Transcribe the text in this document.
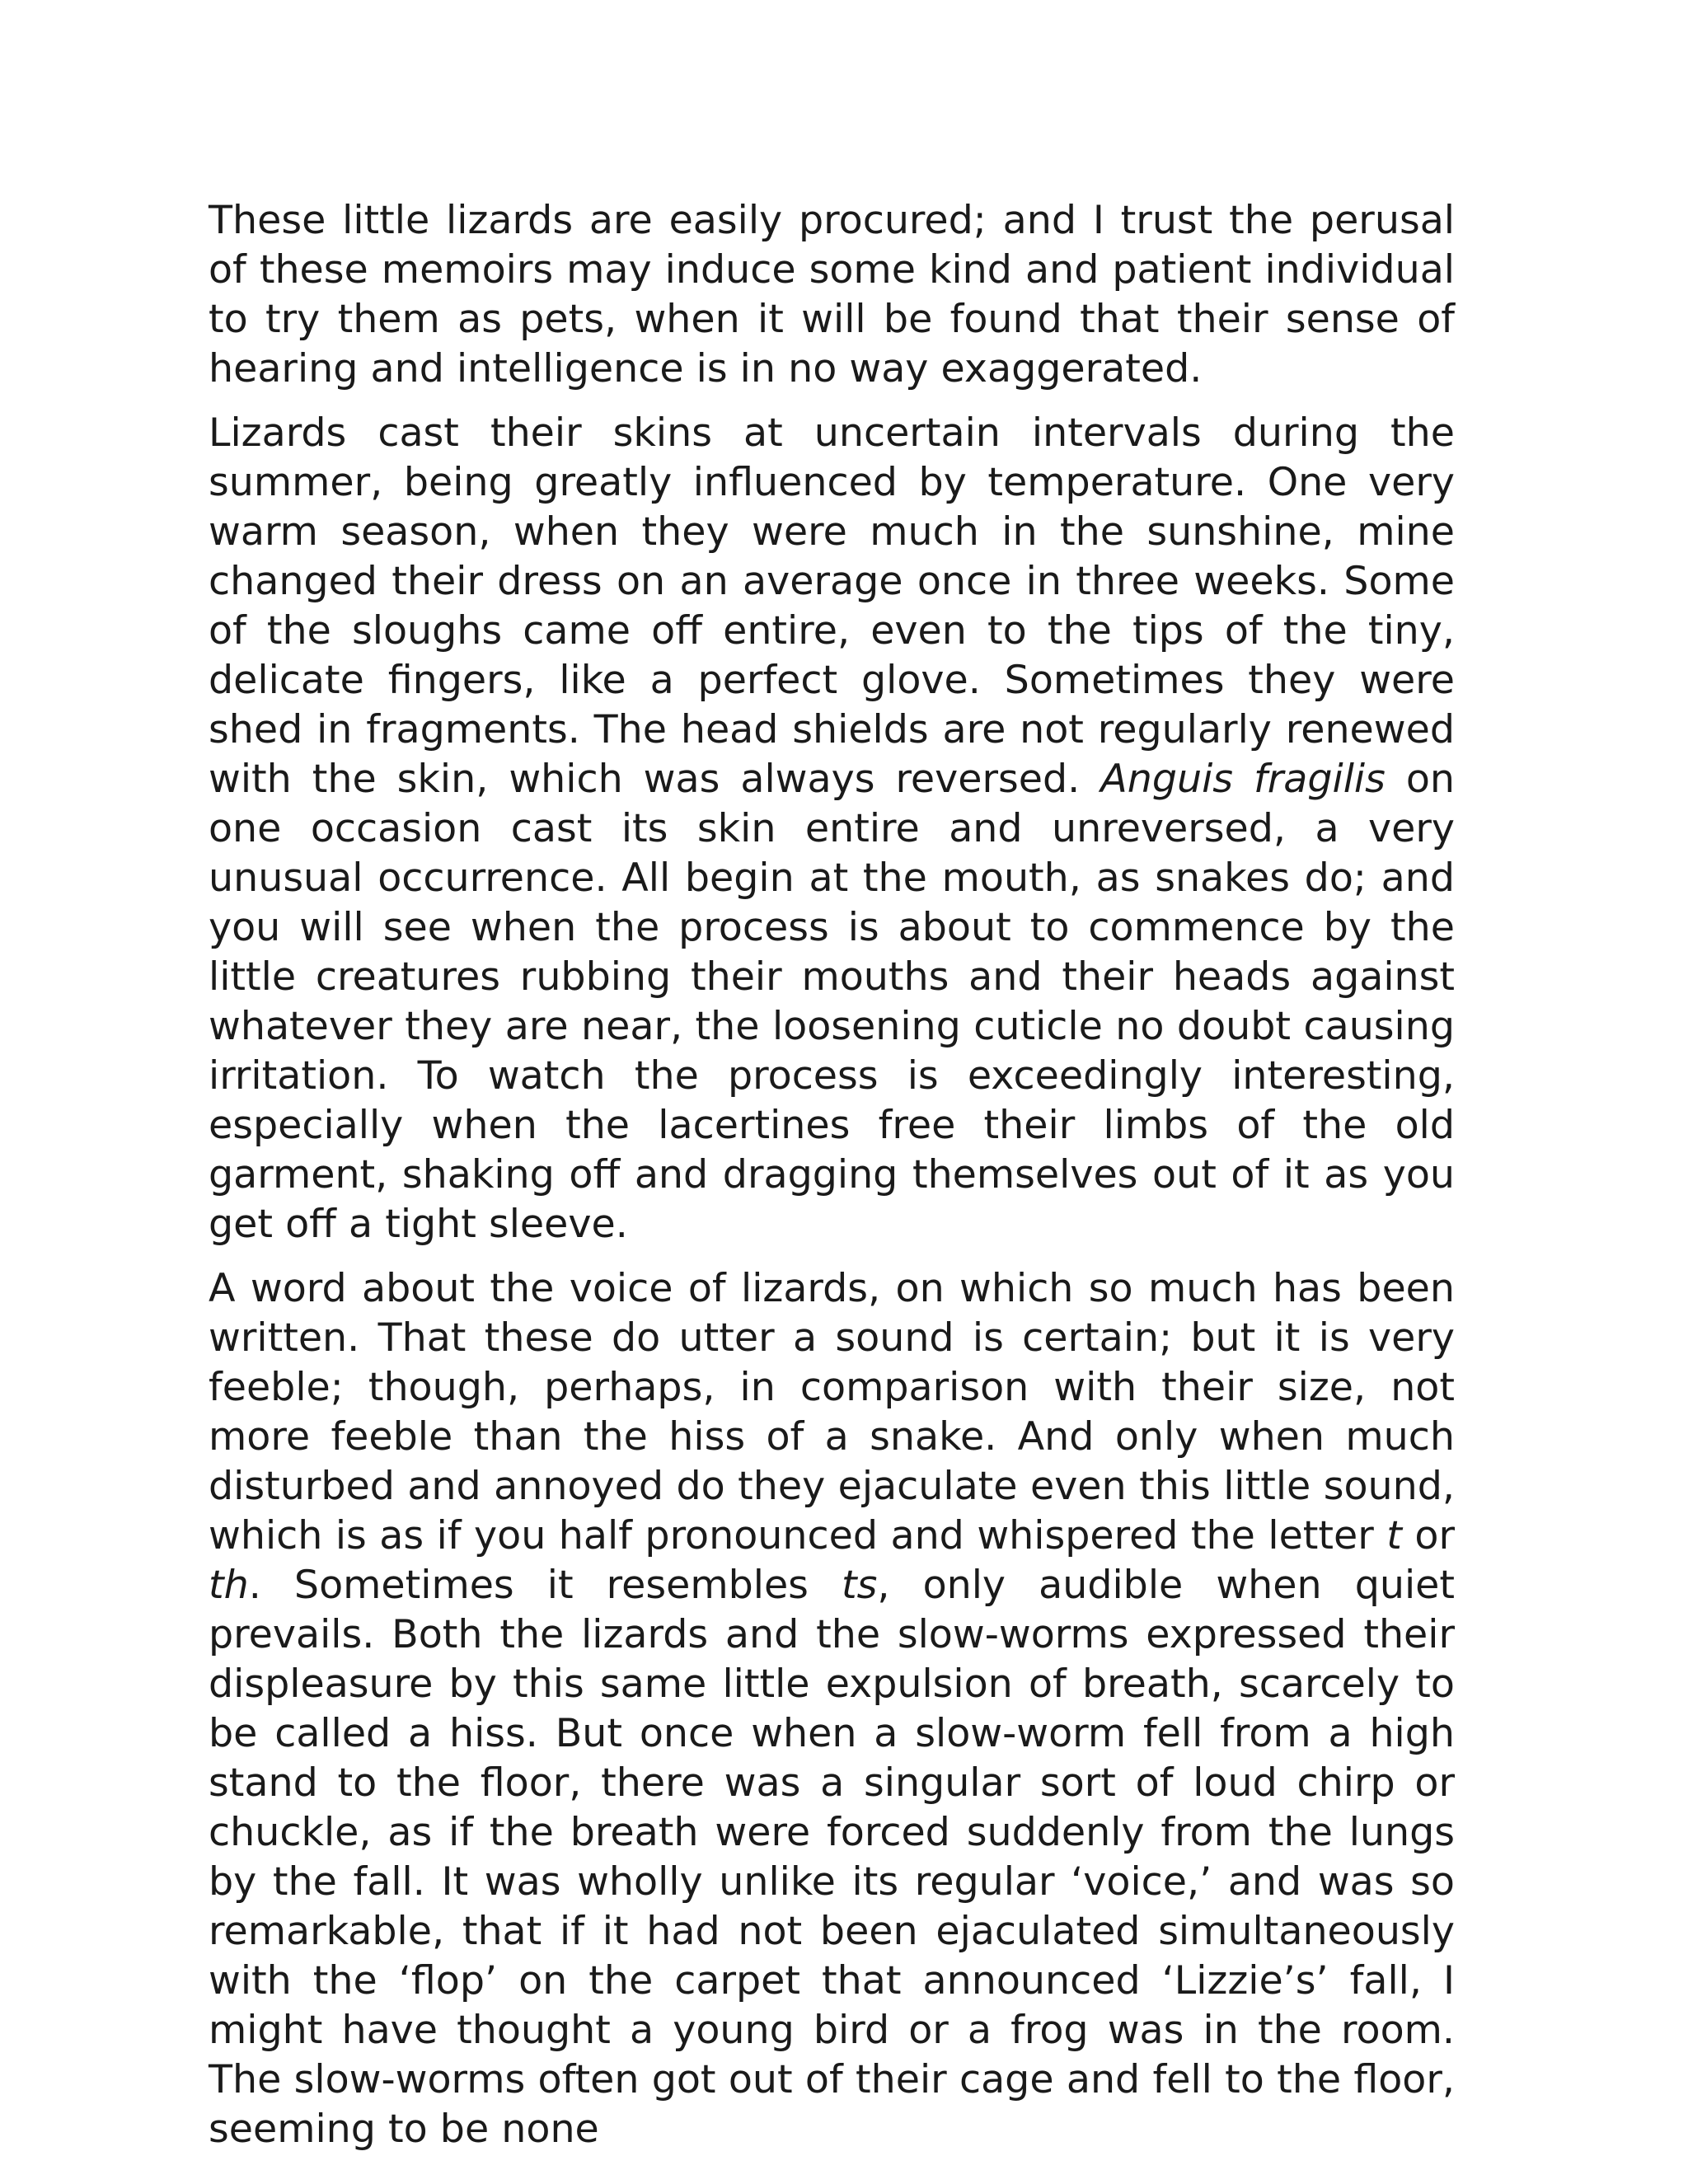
These little lizards are easily procured; and I trust the perusal of these memoirs may induce some kind and patient individual to try them as pets, when it will be found that their sense of hearing and intelligence is in no way exaggerated.

Lizards cast their skins at uncertain intervals during the summer, being greatly influenced by temperature. One very warm season, when they were much in the sunshine, mine changed their dress on an average once in three weeks. Some of the sloughs came off entire, even to the tips of the tiny, delicate fingers, like a perfect glove. Sometimes they were shed in fragments. The head shields are not regularly renewed with the skin, which was always reversed. Anguis fragilis on one occasion cast its skin entire and unreversed, a very unusual occurrence. All begin at the mouth, as snakes do; and you will see when the process is about to commence by the little creatures rubbing their mouths and their heads against whatever they are near, the loosening cuticle no doubt causing irritation. To watch the process is exceedingly interesting, especially when the lacertines free their limbs of the old garment, shaking off and dragging themselves out of it as you get off a tight sleeve.

A word about the voice of lizards, on which so much has been written. That these do utter a sound is certain; but it is very feeble; though, perhaps, in comparison with their size, not more feeble than the hiss of a snake. And only when much disturbed and annoyed do they ejaculate even this little sound, which is as if you half pronounced and whispered the letter t or th. Sometimes it resembles ts, only audible when quiet prevails. Both the lizards and the slow-worms expressed their displeasure by this same little expulsion of breath, scarcely to be called a hiss. But once when a slow-worm fell from a high stand to the floor, there was a singular sort of loud chirp or chuckle, as if the breath were forced suddenly from the lungs by the fall. It was wholly unlike its regular ‘voice,’ and was so remarkable, that if it had not been ejaculated simultaneously with the ‘flop’ on the carpet that announced ‘Lizzie’s’ fall, I might have thought a young bird or a frog was in the room. The slow-worms often got out of their cage and fell to the floor, seeming to be none
